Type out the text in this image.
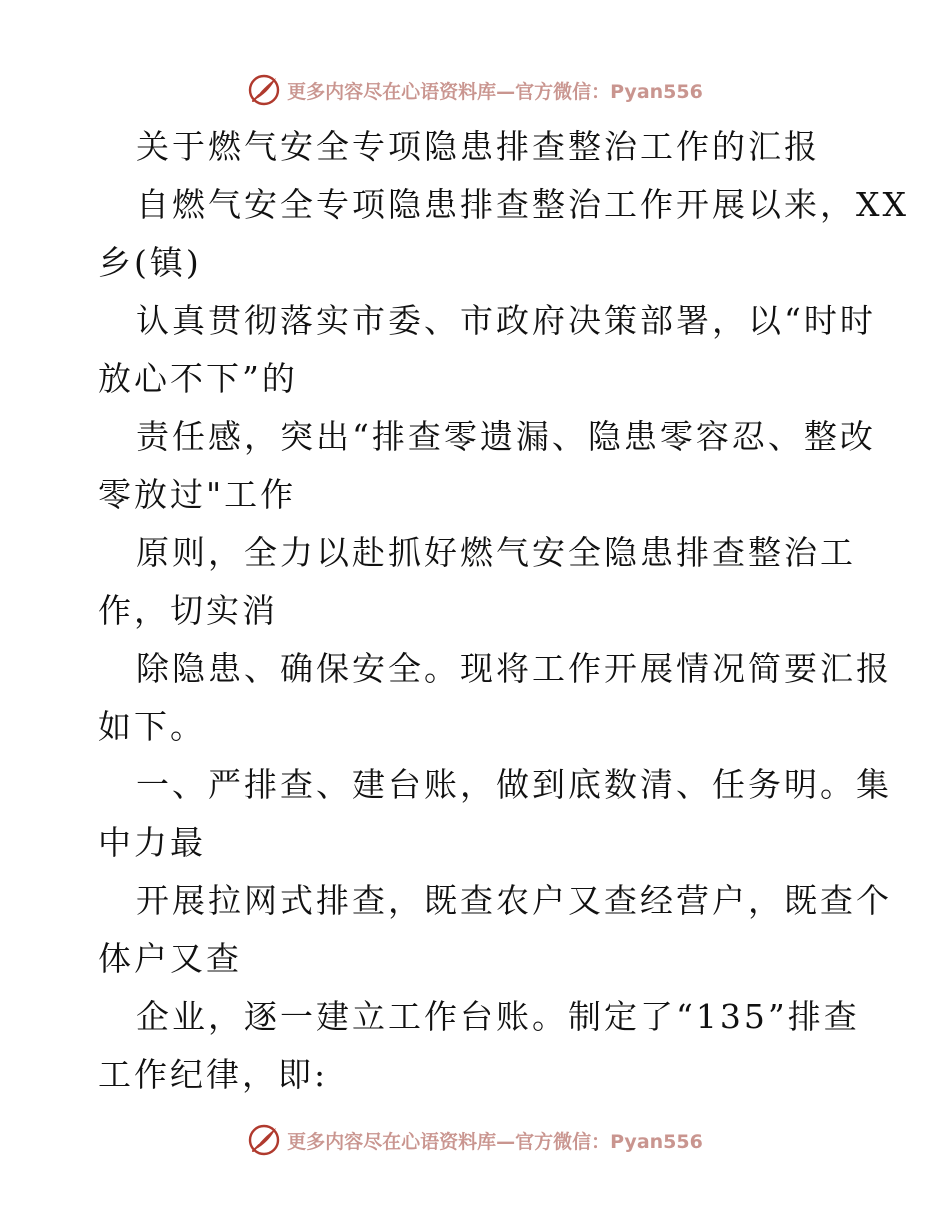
更多内容尽在心语资料库—官方微信：Pyan556
关于燃气安全专项隐患排查整治工作的汇报
自燃气安全专项隐患排查整治工作开展以来，XX
乡(镇)
认真贯彻落实市委、市政府决策部署，以“时时
放心不下”的
责任感，突出“排查零遗漏、隐患零容忍、整改
零放过"工作
原则，全力以赴抓好燃气安全隐患排查整治工
作，切实消
除隐患、确保安全。现将工作开展情况简要汇报
如下。
一、严排查、建台账，做到底数清、任务明。集
中力最
开展拉网式排查，既查农户又查经营户，既查个
体户又查
企业，逐一建立工作台账。制定了“135”排查
工作纪律，即:
更多内容尽在心语资料库—官方微信：Pyan556
